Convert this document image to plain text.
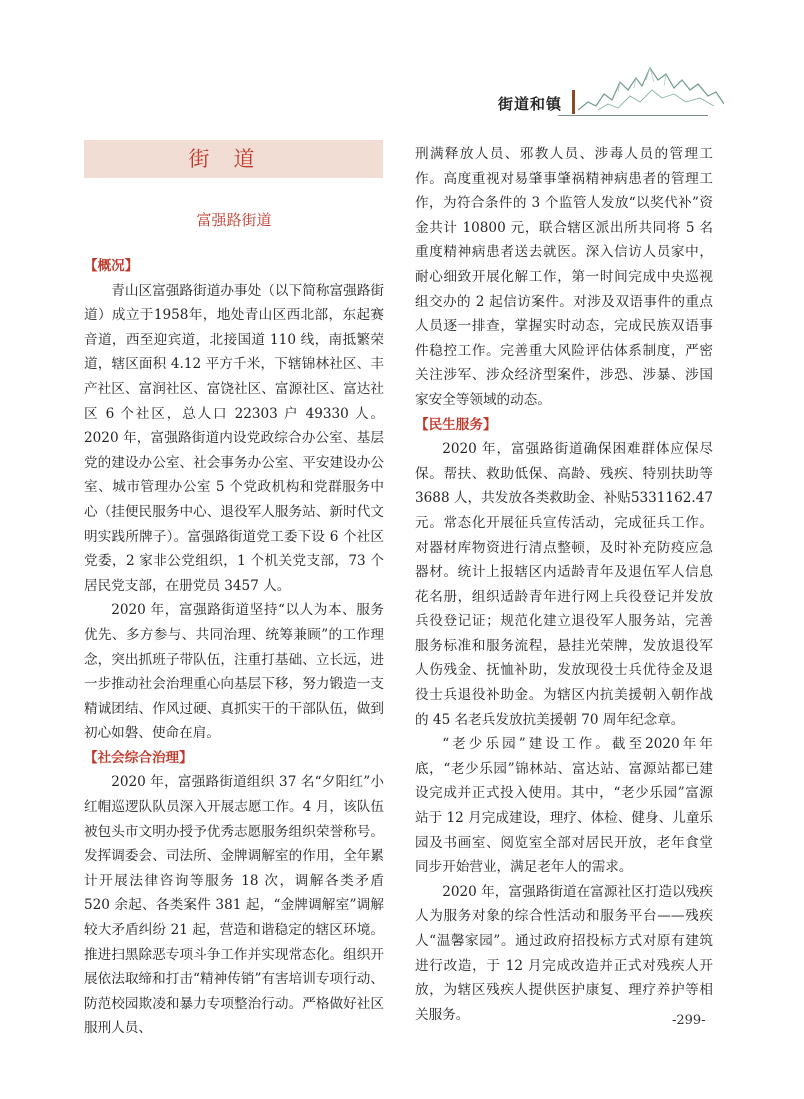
街道和镇
街道
富强路街道
【概况】

青山区富强路街道办事处（以下简称富强路街道）成立于1958年，地处青山区西北部，东起赛音道，西至迎宾道，北接国道 110 线，南抵繁荣道，辖区面积 4.12 平方千米，下辖锦林社区、丰产社区、富润社区、富饶社区、富源社区、富达社区 6 个社区，总人口 22303 户 49330 人。2020 年，富强路街道内设党政综合办公室、基层党的建设办公室、社会事务办公室、平安建设办公室、城市管理办公室 5 个党政机构和党群服务中心（挂便民服务中心、退役军人服务站、新时代文明实践所牌子）。富强路街道党工委下设 6 个社区党委，2 家非公党组织，1 个机关党支部，73 个居民党支部，在册党员 3457 人。

2020 年，富强路街道坚持“以人为本、服务优先、多方参与、共同治理、统筹兼顾”的工作理念，突出抓班子带队伍，注重打基础、立长远，进一步推动社会治理重心向基层下移，努力锻造一支精诚团结、作风过硬、真抓实干的干部队伍，做到初心如磐、使命在肩。

【社会综合治理】

2020 年，富强路街道组织 37 名“夕阳红”小红帽巡逻队队员深入开展志愿工作。4 月，该队伍被包头市文明办授予优秀志愿服务组织荣誉称号。发挥调委会、司法所、金牌调解室的作用，全年累计开展法律咨询等服务 18 次，调解各类矛盾 520 余起、各类案件 381 起，“金牌调解室”调解较大矛盾纠纷 21 起，营造和谐稳定的辖区环境。推进扫黑除恶专项斗争工作并实现常态化。组织开展依法取缔和打击“精神传销”有害培训专项行动、防范校园欺凌和暴力专项整治行动。严格做好社区服刑人员、

刑满释放人员、邪教人员、涉毒人员的管理工作。高度重视对易肇事肇祸精神病患者的管理工作，为符合条件的 3 个监管人发放“以奖代补”资金共计 10800 元，联合辖区派出所共同将 5 名重度精神病患者送去就医。深入信访人员家中，耐心细致开展化解工作，第一时间完成中央巡视组交办的 2 起信访案件。对涉及双语事件的重点人员逐一排查，掌握实时动态，完成民族双语事件稳控工作。完善重大风险评估体系制度，严密关注涉军、涉众经济型案件，涉恐、涉暴、涉国家安全等领域的动态。

【民生服务】

2020 年，富强路街道确保困难群体应保尽保。帮扶、救助低保、高龄、残疾、特别扶助等3688 人，共发放各类救助金、补贴5331162.47 元。常态化开展征兵宣传活动，完成征兵工作。对器材库物资进行清点整顿，及时补充防疫应急器材。统计上报辖区内适龄青年及退伍军人信息花名册，组织适龄青年进行网上兵役登记并发放兵役登记证；规范化建立退役军人服务站，完善服务标准和服务流程，悬挂光荣牌，发放退役军人伤残金、抚恤补助，发放现役士兵优待金及退役士兵退役补助金。为辖区内抗美援朝入朝作战的 45 名老兵发放抗美援朝 70 周年纪念章。

“老少乐园”建设工作。截至2020年年底，“老少乐园”锦林站、富达站、富源站都已建设完成并正式投入使用。其中，“老少乐园”富源站于 12 月完成建设，理疗、体检、健身、儿童乐园及书画室、阅览室全部对居民开放，老年食堂同步开始营业，满足老年人的需求。

2020 年，富强路街道在富源社区打造以残疾人为服务对象的综合性活动和服务平台——残疾人“温馨家园”。通过政府招投标方式对原有建筑进行改造，于 12 月完成改造并正式对残疾人开放，为辖区残疾人提供医护康复、理疗养护等相关服务。	-299-
